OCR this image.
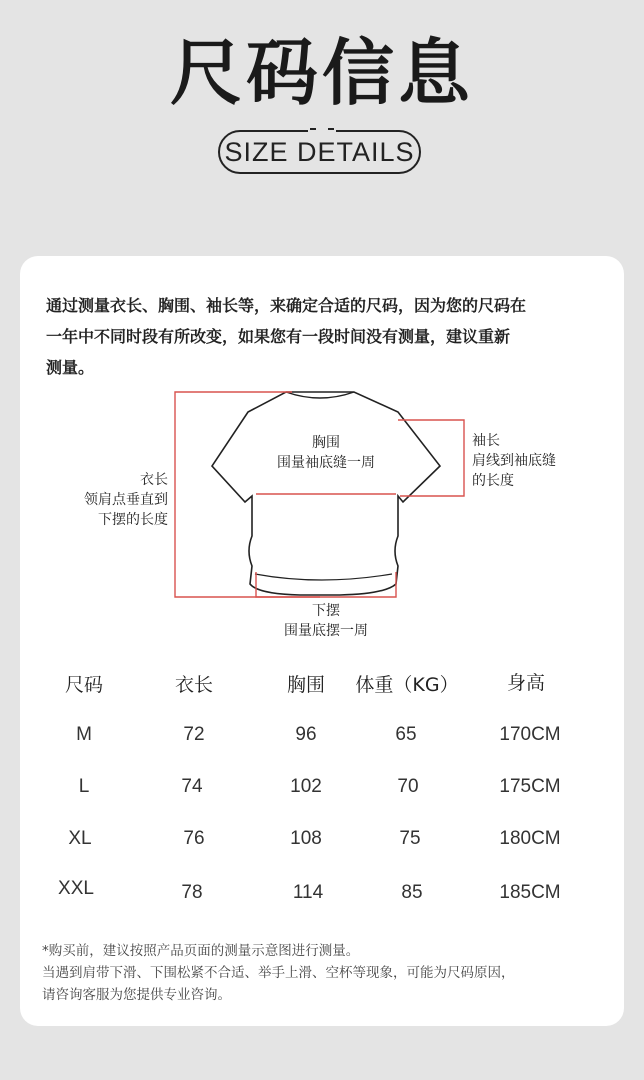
尺码信息
SIZE DETAILS
通过测量衣长、胸围、袖长等，来确定合适的尺码，因为您的尺码在
一年中不同时段有所改变，如果您有一段时间没有测量，建议重新
测量。
胸围
围量袖底缝一周
袖长
肩线到袖底缝
的长度
衣长
领肩点垂直到
下摆的长度
下摆
围量底摆一周
尺码	衣长	胸围	体重（KG）	身高
M	72	96	65	170CM
L	74	102	70	175CM
XL	76	108	75	180CM
XXL	78	114	85	185CM
*购买前，建议按照产品页面的测量示意图进行测量。
当遇到肩带下滑、下围松紧不合适、举手上滑、空杯等现象，可能为尺码原因，
请咨询客服为您提供专业咨询。
